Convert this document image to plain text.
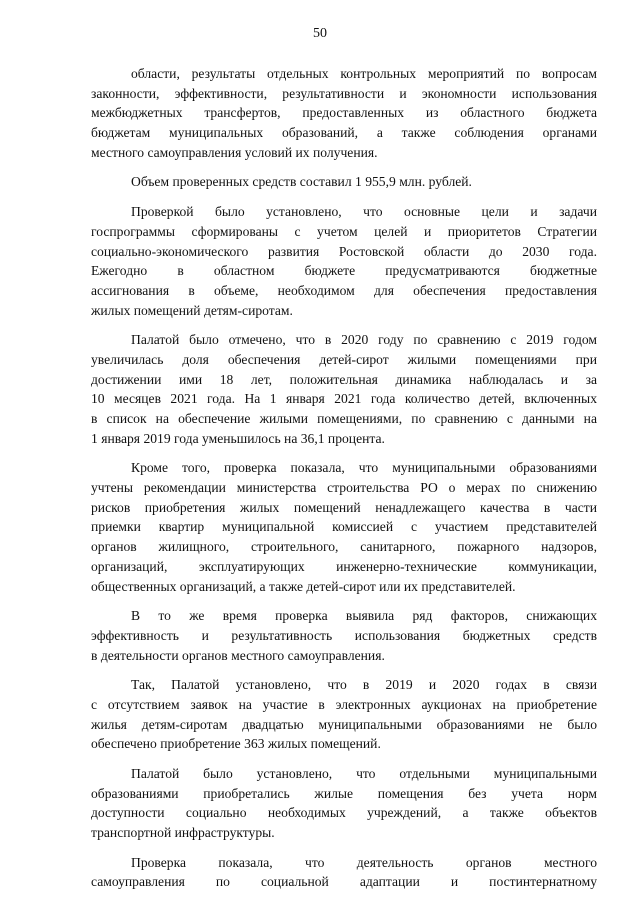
50
области, результаты отдельных контрольных мероприятий по вопросам
законности, эффективности, результативности и экономности использования
межбюджетных трансфертов, предоставленных из областного бюджета
бюджетам муниципальных образований, а также соблюдения органами
местного самоуправления условий их получения.
Объем проверенных средств составил 1 955,9 млн. рублей.
Проверкой было установлено, что основные цели и задачи
госпрограммы сформированы с учетом целей и приоритетов Стратегии
социально-экономического развития Ростовской области до 2030 года.
Ежегодно в областном бюджете предусматриваются бюджетные
ассигнования в объеме, необходимом для обеспечения предоставления
жилых помещений детям-сиротам.
Палатой было отмечено, что в 2020 году по сравнению с 2019 годом
увеличилась доля обеспечения детей-сирот жилыми помещениями при
достижении ими 18 лет, положительная динамика наблюдалась и за
10 месяцев 2021 года. На 1 января 2021 года количество детей, включенных
в список на обеспечение жилыми помещениями, по сравнению с данными на
1 января 2019 года уменьшилось на 36,1 процента.
Кроме того, проверка показала, что муниципальными образованиями
учтены рекомендации министерства строительства РО о мерах по снижению
рисков приобретения жилых помещений ненадлежащего качества в части
приемки квартир муниципальной комиссией с участием представителей
органов жилищного, строительного, санитарного, пожарного надзоров,
организаций, эксплуатирующих инженерно-технические коммуникации,
общественных организаций, а также детей-сирот или их представителей.
В то же время проверка выявила ряд факторов, снижающих
эффективность и результативность использования бюджетных средств
в деятельности органов местного самоуправления.
Так, Палатой установлено, что в 2019 и 2020 годах в связи
с отсутствием заявок на участие в электронных аукционах на приобретение
жилья детям-сиротам двадцатью муниципальными образованиями не было
обеспечено приобретение 363 жилых помещений.
Палатой было установлено, что отдельными муниципальными
образованиями приобретались жилые помещения без учета норм
доступности социально необходимых учреждений, а также объектов
транспортной инфраструктуры.
Проверка показала, что деятельность органов местного
самоуправления по социальной адаптации и постинтернатному
